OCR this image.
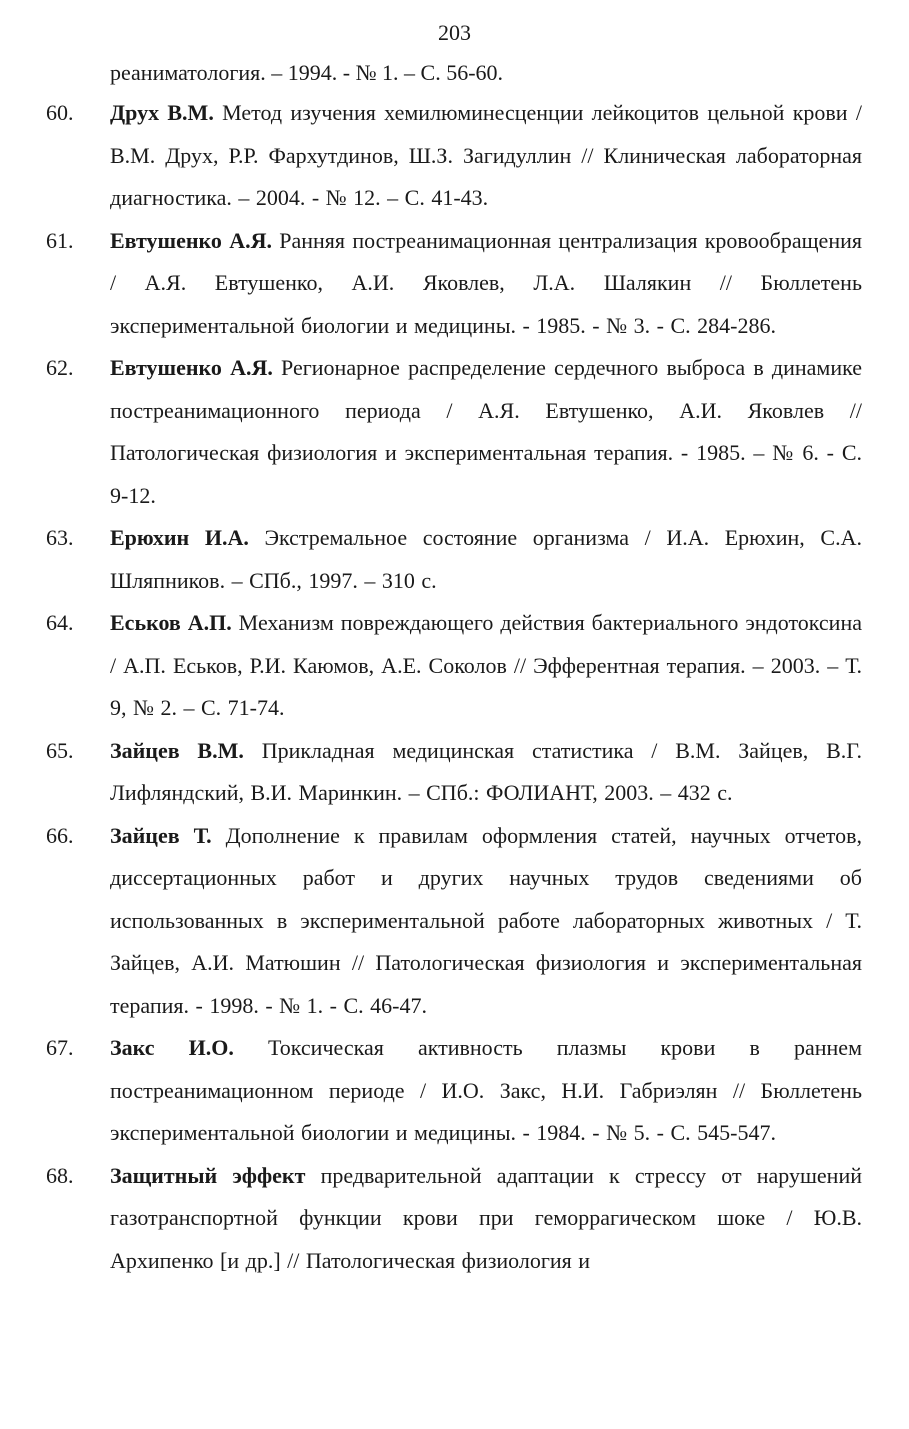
203
реаниматология. – 1994. - № 1. – С. 56-60.
60. Друх В.М. Метод изучения хемилюминесценции лейкоцитов цельной крови / В.М. Друх, Р.Р. Фархутдинов, Ш.З. Загидуллин // Клиническая лабораторная диагностика. – 2004. - № 12. – С. 41-43.
61. Евтушенко А.Я. Ранняя постреанимационная централизация кровообращения / А.Я. Евтушенко, А.И. Яковлев, Л.А. Шалякин // Бюллетень экспериментальной биологии и медицины. - 1985. - № 3. - С. 284-286.
62. Евтушенко А.Я. Регионарное распределение сердечного выброса в динамике постреанимационного периода / А.Я. Евтушенко, А.И. Яковлев // Патологическая физиология и экспериментальная терапия. - 1985. – № 6. - С. 9-12.
63. Ерюхин И.А. Экстремальное состояние организма / И.А. Ерюхин, С.А. Шляпников. – СПб., 1997. – 310 с.
64. Еськов А.П. Механизм повреждающего действия бактериального эндотоксина / А.П. Еськов, Р.И. Каюмов, А.Е. Соколов // Эфферентная терапия. – 2003. – Т. 9, № 2. – С. 71-74.
65. Зайцев В.М. Прикладная медицинская статистика / В.М. Зайцев, В.Г. Лифляндский, В.И. Маринкин. – СПб.: ФОЛИАНТ, 2003. – 432 с.
66. Зайцев Т. Дополнение к правилам оформления статей, научных отчетов, диссертационных работ и других научных трудов сведениями об использованных в экспериментальной работе лабораторных животных / Т. Зайцев, А.И. Матюшин // Патологическая физиология и экспериментальная терапия. - 1998. - № 1. - С. 46-47.
67. Закс И.О. Токсическая активность плазмы крови в раннем постреанимационном периоде / И.О. Закс, Н.И. Габриэлян // Бюллетень экспериментальной биологии и медицины. - 1984. - № 5. - С. 545-547.
68. Защитный эффект предварительной адаптации к стрессу от нарушений газотранспортной функции крови при геморрагическом шоке / Ю.В. Архипенко [и др.] // Патологическая физиология и
